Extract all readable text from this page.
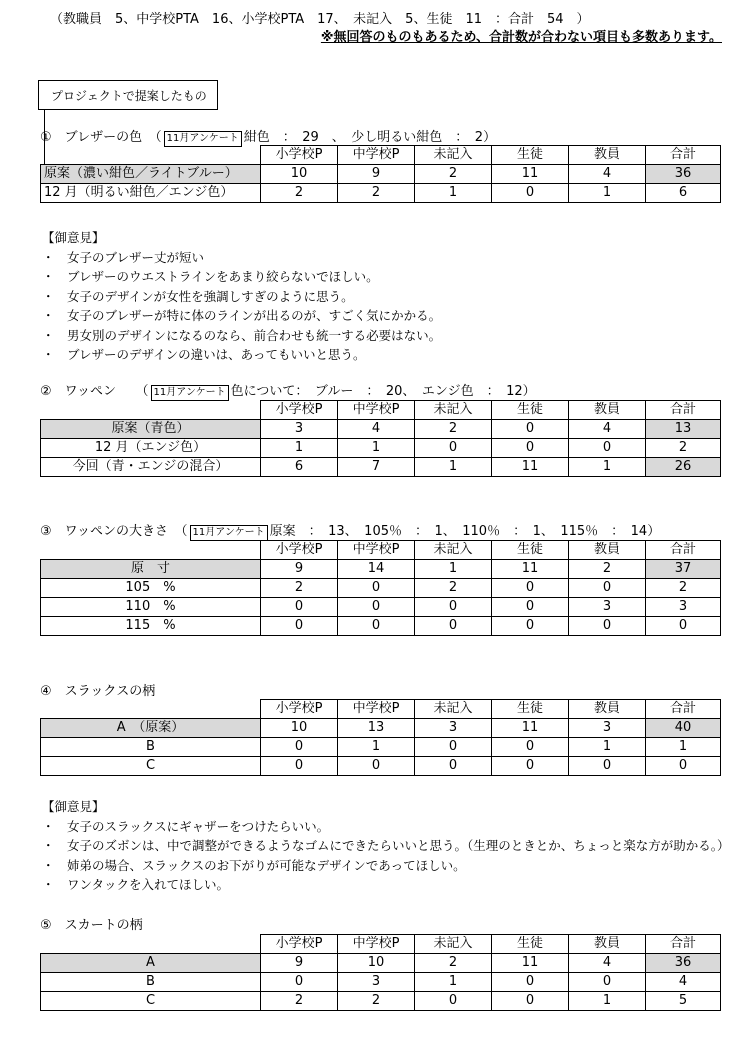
（教職員　5、中学校PTA　16、小学校PTA　17、　未記入　5、生徒　11　：合計　54　）
※無回答のものもあるため、合計数が合わない項目も多数あります。
プロジェクトで提案したもの
①　ブレザーの色　（ 11月アンケート 紺色　：　29　、　少し明るい紺色　：　2）
	小学校P	中学校P	未記入	生徒	教員	合計
原案（濃い紺色／ライトブルー）	10	9	2	11	4	36
12 月（明るい紺色／エンジ色）	2	2	1	0	1	6
【御意見】
・　女子のブレザー丈が短い
・　ブレザーのウエストラインをあまり絞らないでほしい。
・　女子のデザインが女性を強調しすぎのように思う。
・　女子のブレザーが特に体のラインが出るのが、すごく気にかかる。
・　男女別のデザインになるのなら、前合わせも統一する必要はない。
・　ブレザーのデザインの違いは、あってもいいと思う。
②　ワッペン　　（ 11月アンケート 色について：　ブルー　：　20、　エンジ色　：　12）
	小学校P	中学校P	未記入	生徒	教員	合計
原案（青色）	3	4	2	0	4	13
12 月（エンジ色）	1	1	0	0	0	2
今回（青・エンジの混合）	6	7	1	11	1	26
③　ワッペンの大きさ　（ 11月アンケート 原案　：　13、　105％　：　1、　110％　：　1、　115％　：　14）
	小学校P	中学校P	未記入	生徒	教員	合計
原　寸	9	14	1	11	2	37
105　%	2	0	2	0	0	2
110　%	0	0	0	0	3	3
115　%	0	0	0	0	0	0
④　スラックスの柄
	小学校P	中学校P	未記入	生徒	教員	合計
A　（原案）	10	13	3	11	3	40
B	0	1	0	0	1	1
C	0	0	0	0	0	0
【御意見】
・　女子のスラックスにギャザーをつけたらいい。
・　女子のズボンは、中で調整ができるようなゴムにできたらいいと思う。（生理のときとか、ちょっと楽な方が助かる。）
・　姉弟の場合、スラックスのお下がりが可能なデザインであってほしい。
・　ワンタックを入れてほしい。
⑤　スカートの柄
	小学校P	中学校P	未記入	生徒	教員	合計
A	9	10	2	11	4	36
B	0	3	1	0	0	4
C	2	2	0	0	1	5
